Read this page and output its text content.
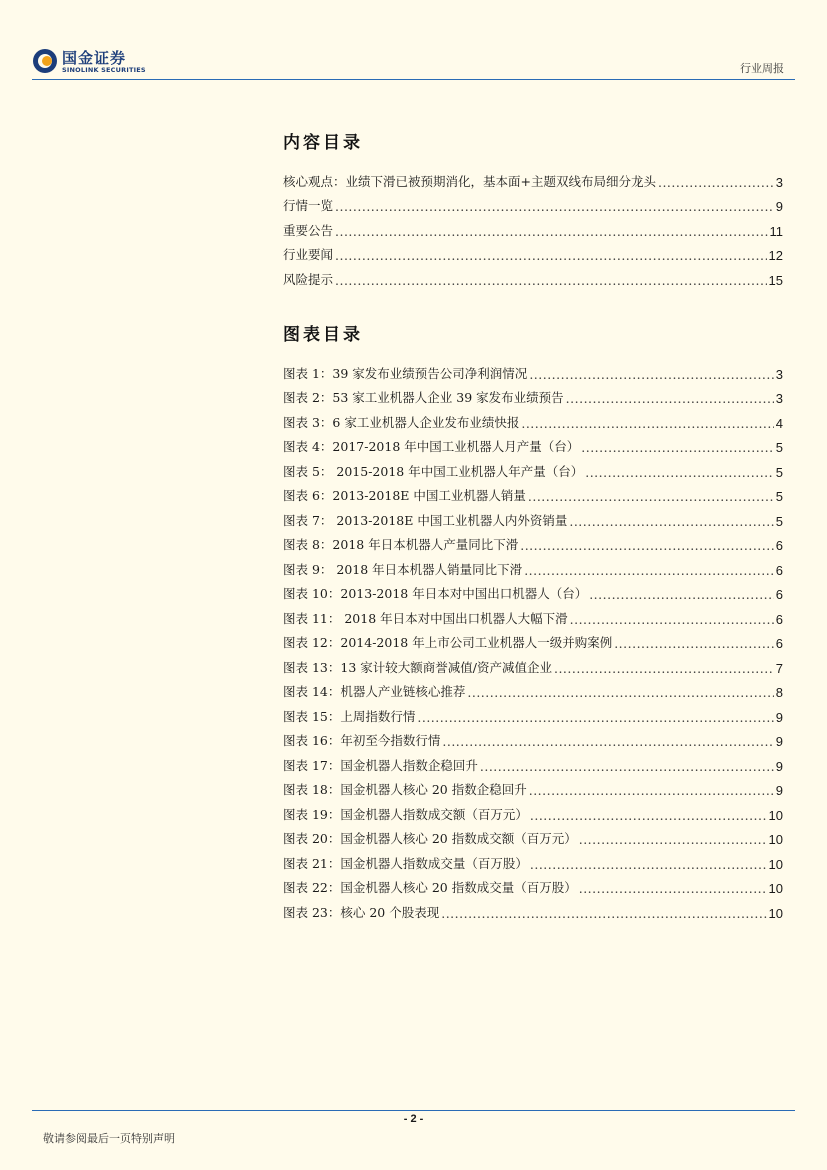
国金证券
SINOLINK SECURITIES	行业周报
内容目录
核心观点：业绩下滑已被预期消化，基本面+主题双线布局细分龙头 .....	3
行情一览 .....	9
重要公告 .....	11
行业要闻 .....	12
风险提示 .....	15
图表目录
图表 1：39 家发布业绩预告公司净利润情况 .....	3
图表 2：53 家工业机器人企业 39 家发布业绩预告 .....	3
图表 3：6 家工业机器人企业发布业绩快报 .....	4
图表 4：2017-2018 年中国工业机器人月产量（台） .....	5
图表 5： 2015-2018 年中国工业机器人年产量（台） .....	5
图表 6：2013-2018E 中国工业机器人销量 .....	5
图表 7： 2013-2018E 中国工业机器人内外资销量 .....	5
图表 8：2018 年日本机器人产量同比下滑 .....	6
图表 9： 2018 年日本机器人销量同比下滑 .....	6
图表 10：2013-2018 年日本对中国出口机器人（台） .....	6
图表 11： 2018 年日本对中国出口机器人大幅下滑 .....	6
图表 12：2014-2018 年上市公司工业机器人一级并购案例 .....	6
图表 13：13 家计较大额商誉减值/资产减值企业 .....	7
图表 14：机器人产业链核心推荐 .....	8
图表 15：上周指数行情 .....	9
图表 16：年初至今指数行情 .....	9
图表 17：国金机器人指数企稳回升 .....	9
图表 18：国金机器人核心 20 指数企稳回升 .....	9
图表 19：国金机器人指数成交额（百万元） .....	10
图表 20：国金机器人核心 20 指数成交额（百万元） .....	10
图表 21：国金机器人指数成交量（百万股） .....	10
图表 22：国金机器人核心 20 指数成交量（百万股） .....	10
图表 23：核心 20 个股表现 .....	10
- 2 -
敬请参阅最后一页特别声明
